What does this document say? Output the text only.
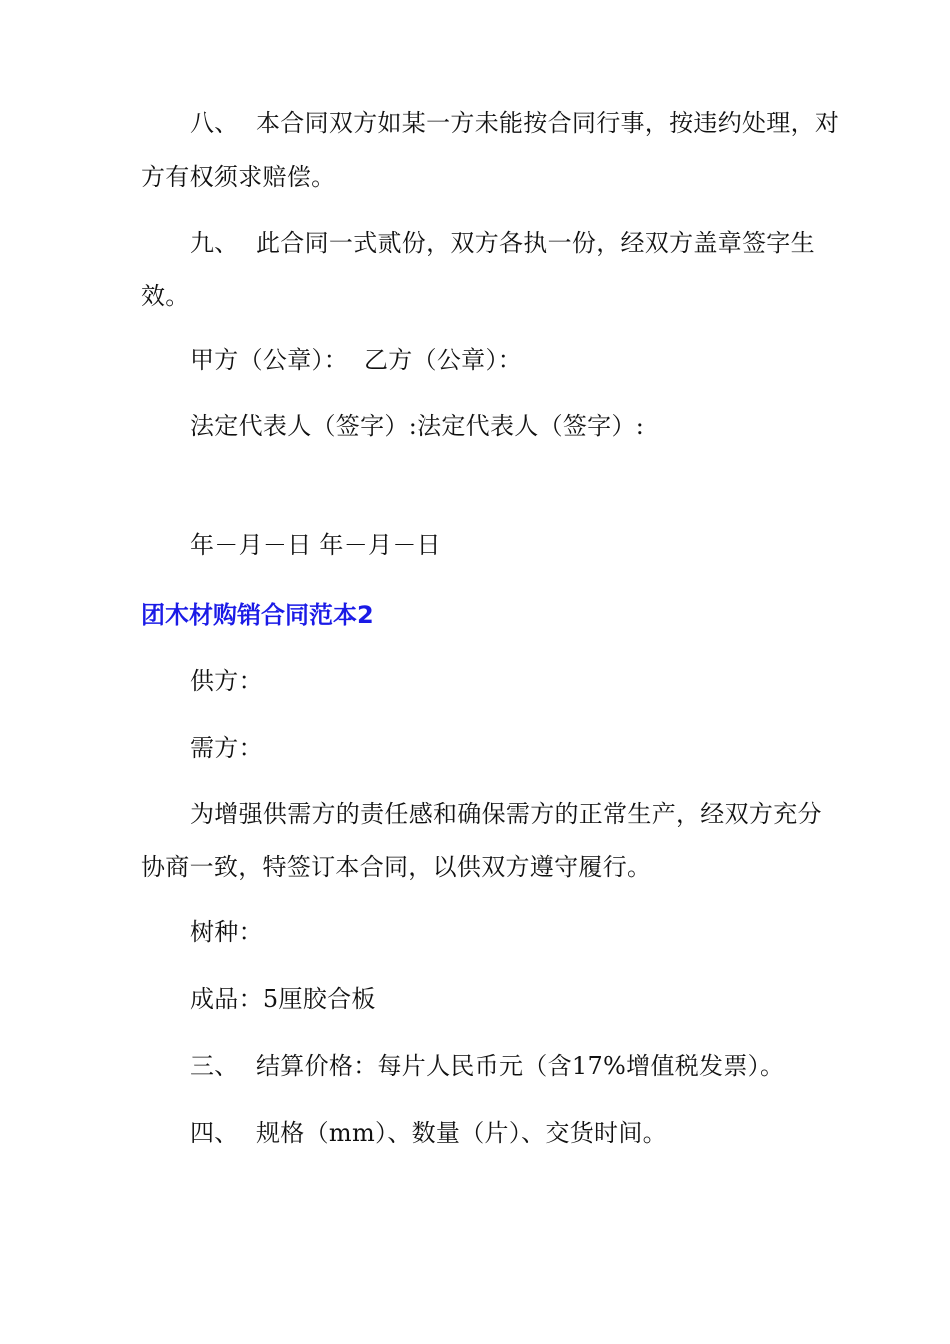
八、 本合同双方如某一方未能按合同行事，按违约处理，对
方有权须求赔偿。
九、 此合同一式贰份，双方各执一份，经双方盖章签字生
效。
甲方（公章）：  乙方（公章）：
法定代表人（签字）:法定代表人（签字）:
年－月－日 年－月－日
团木材购销合同范本2
供方：
需方：
为增强供需方的责任感和确保需方的正常生产，经双方充分
协商一致，特签订本合同，以供双方遵守履行。
树种：
成品：5厘胶合板
三、 结算价格：每片人民币元（含17%增值税发票）。
四、 规格（mm）、数量（片）、交货时间。
